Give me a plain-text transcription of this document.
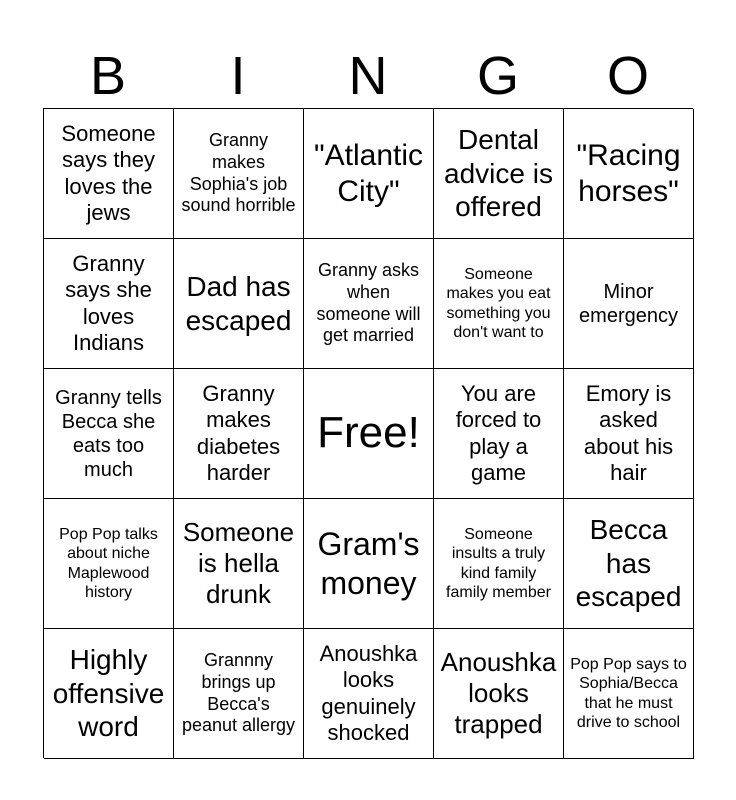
B	I	N	G	O
Someone says they loves the jews
Granny makes Sophia's job sound horrible
"Atlantic City"
Dental advice is offered
"Racing horses"
Granny says she loves Indians
Dad has escaped
Granny asks when someone will get married
Someone makes you eat something you don't want to
Minor emergency
Granny tells Becca she eats too much
Granny makes diabetes harder
Free!
You are forced to play a game
Emory is asked about his hair
Pop Pop talks about niche Maplewood history
Someone is hella drunk
Gram's money
Someone insults a truly kind family family member
Becca has escaped
Highly offensive word
Grannny brings up Becca's peanut allergy
Anoushka looks genuinely shocked
Anoushka looks trapped
Pop Pop says to Sophia/Becca that he must drive to school
